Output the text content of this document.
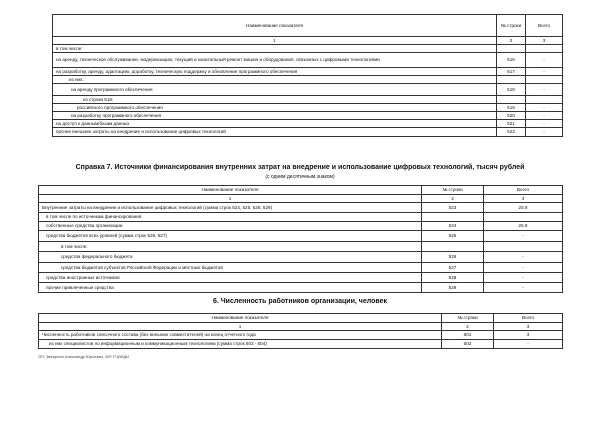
Наименование показателя	№ строки	Всего
1	2	3
в том числе:		
на аренду, техническое обслуживание, модернизацию, текущий и капитальный ремонт машин и оборудования, связанных с цифровыми технологиями	516	-
на разработку, аренду, адаптацию, доработку, техническую поддержку и обновление программного обеспечения	517	-
из них:		
на аренду программного обеспечения	518	-
из строки 518:		
российского программного обеспечения	519	-
на разработку программного обеспечения	520	-
на доступ к данным/базам данных	521	-
прочие внешние затраты на внедрение и использование цифровых технологий	522	-
Справка 7. Источники финансирования внутренних затрат на внедрение и использование цифровых технологий, тысяч рублей
(с одним десятичным знаком)
Наименование показателя	№ строки	Всего
1	2	3
Внутренние затраты на внедрение и использование цифровых технологий (сумма строк 524, 525, 528, 529)	523	25.9
в том числе по источникам финансирования:		
собственные средства организации	524	25.9
средства бюджетов всех уровней (сумма строк 526, 527)	525	-
в том числе:		
средства федерального бюджета	526	-
средства бюджетов субъектов Российской Федерации и местных бюджетов	527	-
средства иностранных источников	528	-
прочие привлеченные средства	529	-
6. Численность работников организации, человек
Наименование показателя	№ строки	Всего
1	2	3
Численность работников списочного состава (без внешних совместителей) на конец отчетного года	601	3
из них специалистов по информационным и коммуникационным технологиям (сумма строк 603 - 604)	602	-
ЭП: Звеерлин Александр Юрьевич, МП ТЧИИДИ
